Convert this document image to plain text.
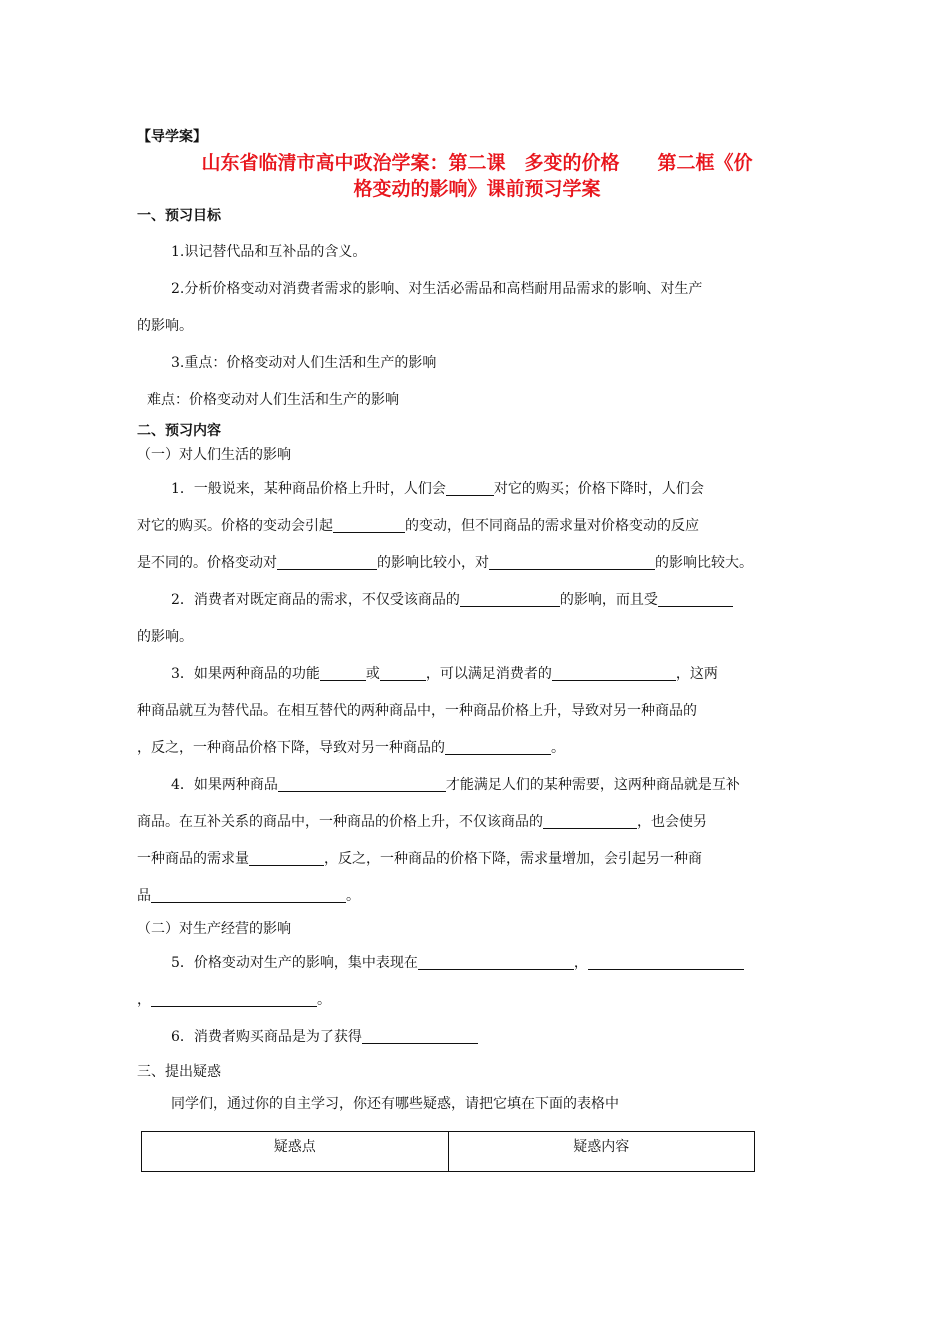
【导学案】
山东省临清市高中政治学案：第二课　多变的价格　　第二框《价
格变动的影响》课前预习学案
一、预习目标
1.识记替代品和互补品的含义。
2.分析价格变动对消费者需求的影响、对生活必需品和高档耐用品需求的影响、对生产
的影响。
3.重点：价格变动对人们生活和生产的影响
难点：价格变动对人们生活和生产的影响
二、预习内容
（一）对人们生活的影响
1．一般说来，某种商品价格上升时，人们会	对它的购买；价格下降时，人们会
对它的购买。价格的变动会引起	的变动，但不同商品的需求量对价格变动的反应
是不同的。价格变动对	的影响比较小，对	的影响比较大。
2．消费者对既定商品的需求，不仅受该商品的	的影响，而且受
的影响。
3．如果两种商品的功能	或	，可以满足消费者的	，这两
种商品就互为替代品。在相互替代的两种商品中，一种商品价格上升，导致对另一种商品的
，反之，一种商品价格下降，导致对另一种商品的	。
4．如果两种商品	才能满足人们的某种需要，这两种商品就是互补
商品。在互补关系的商品中，一种商品的价格上升，不仅该商品的	，也会使另
一种商品的需求量	，反之，一种商品的价格下降，需求量增加，会引起另一种商
品	。
（二）对生产经营的影响
5．价格变动对生产的影响，集中表现在	，
，	。
6．消费者购买商品是为了获得
三、提出疑惑
同学们，通过你的自主学习，你还有哪些疑惑，请把它填在下面的表格中
疑惑点	疑惑内容
